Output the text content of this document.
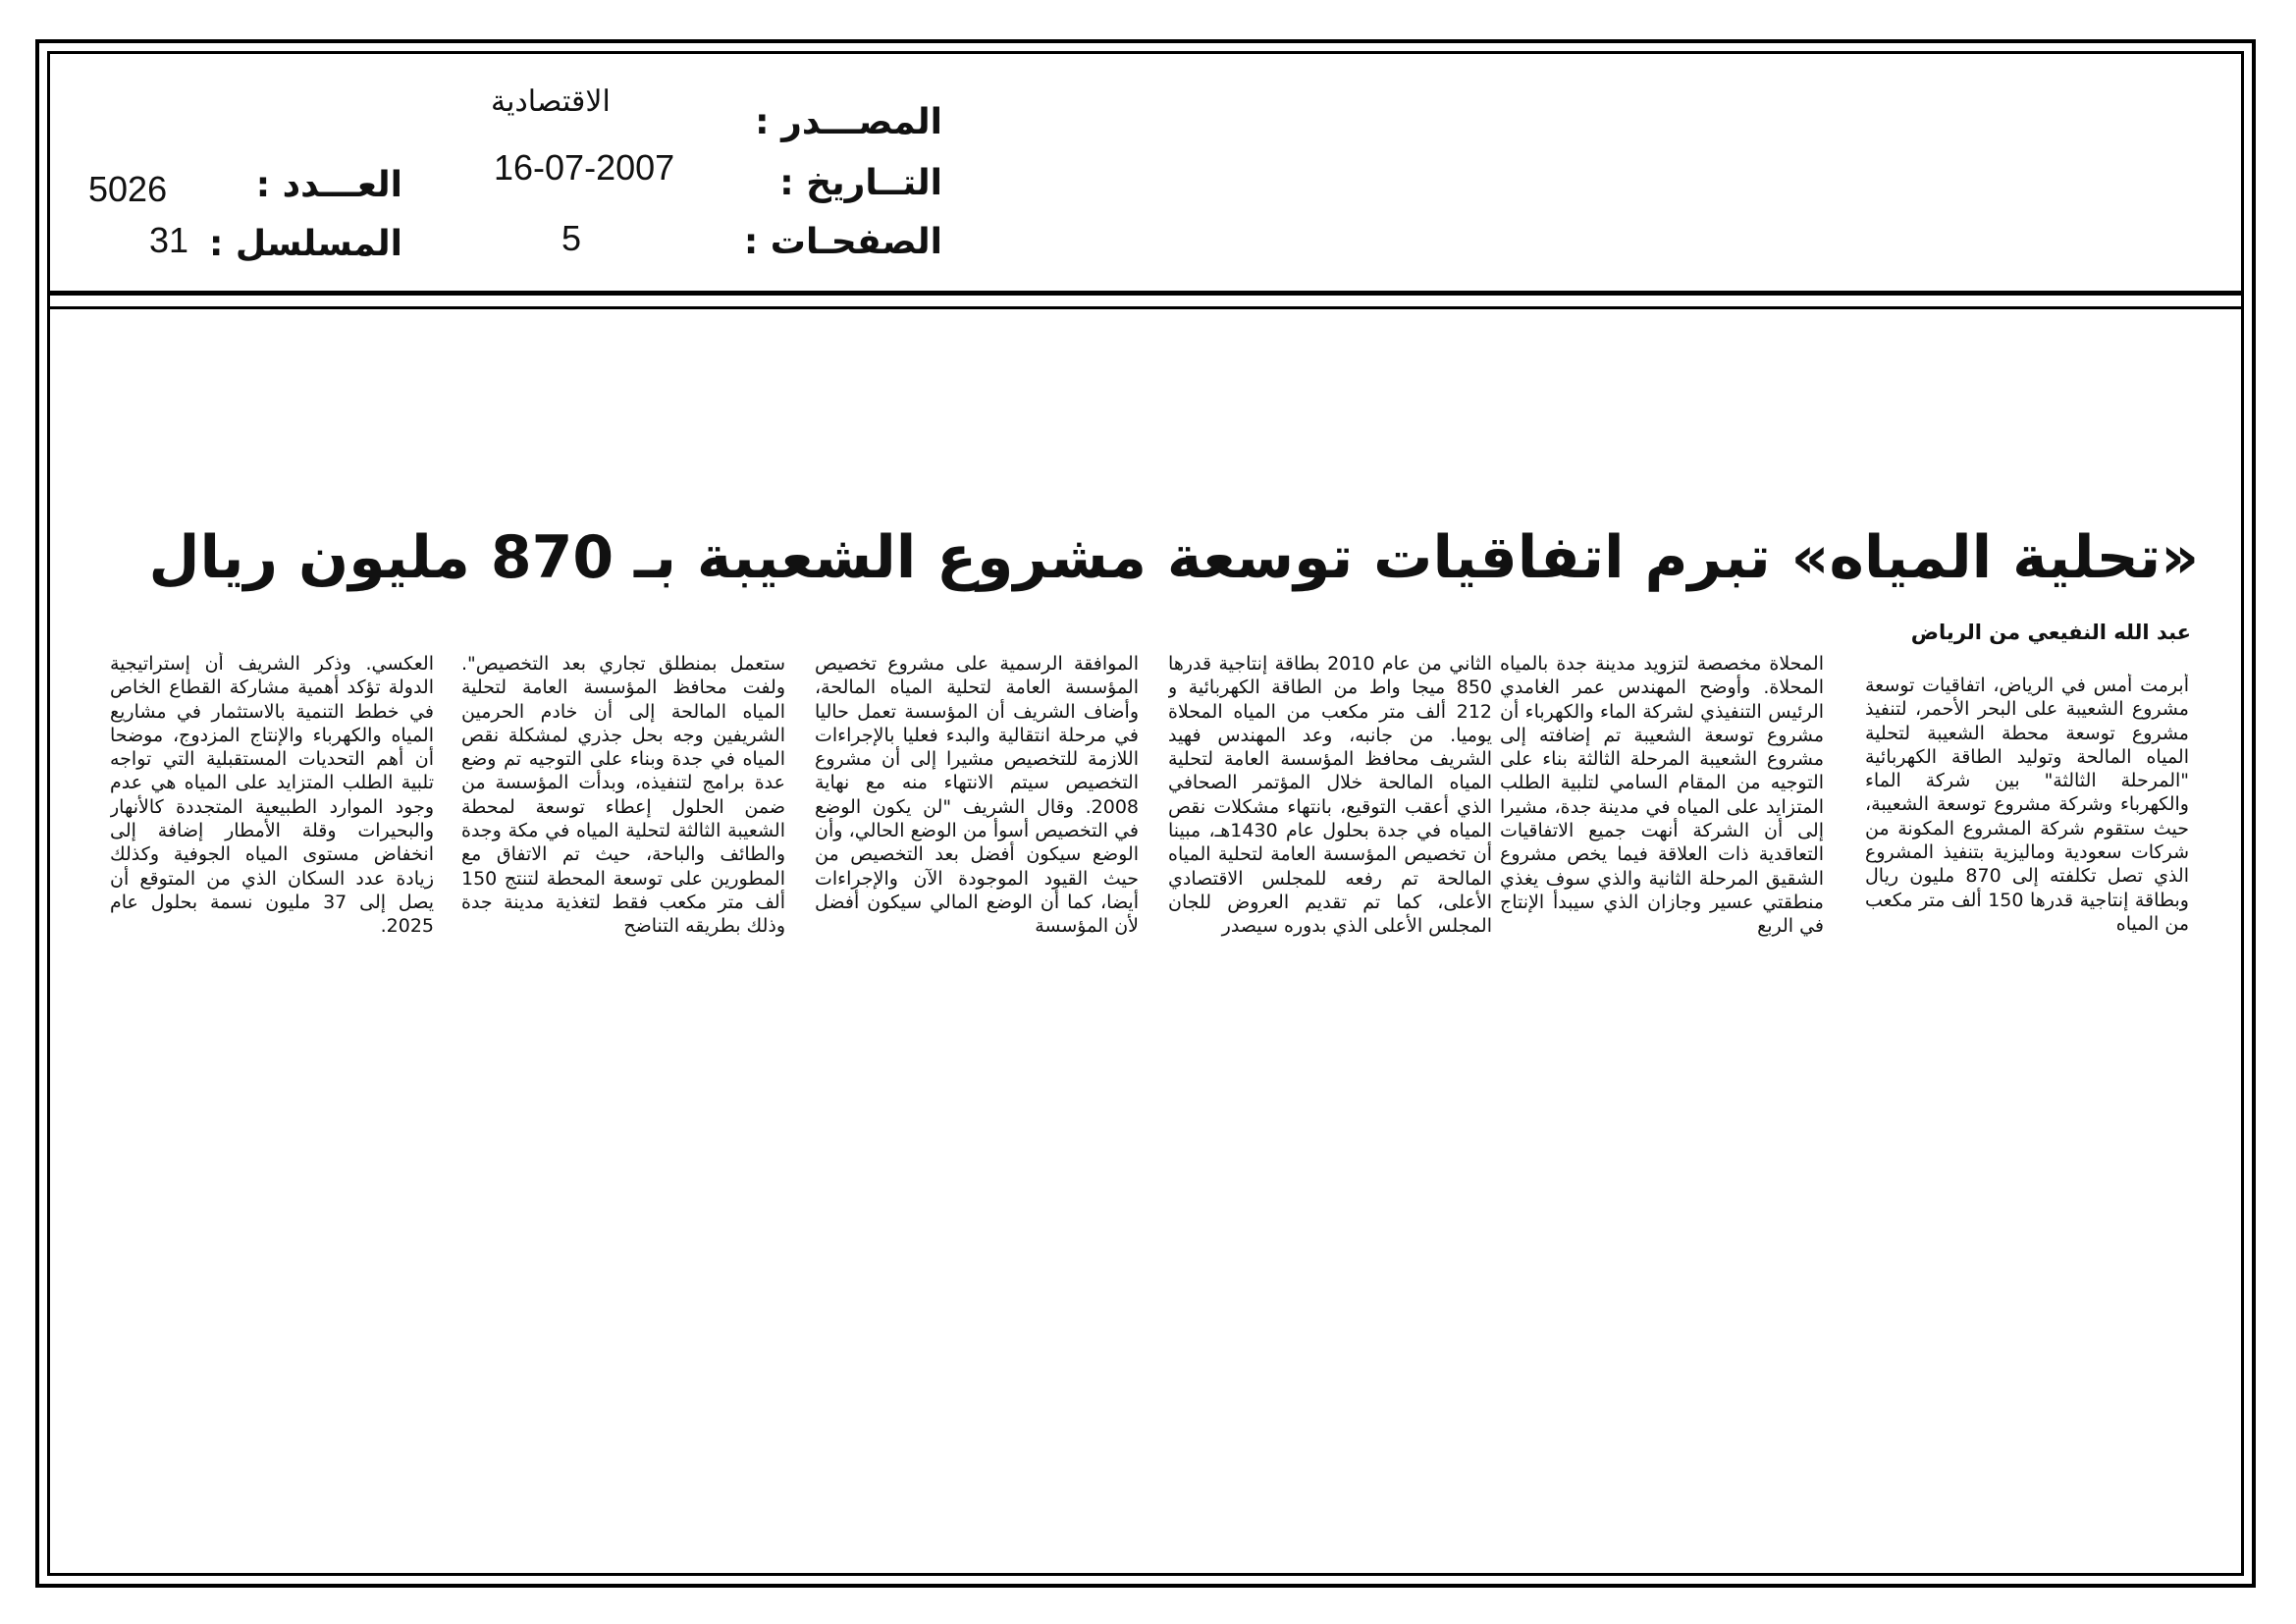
المصـــدر :
الاقتصادية
التــاريخ :
16-07-2007
الصفحـات :
5
العـــدد :
5026
المسلسل :
31
«تحلية المياه» تبرم اتفاقيات توسعة مشروع الشعيبة بـ 870 مليون ريال
عبد الله النفيعي من الرياض

أبرمت أمس في الرياض، اتفاقيات توسعة مشروع الشعيبة على البحر الأحمر، لتنفيذ مشروع توسعة محطة الشعيبة لتحلية المياه المالحة وتوليد الطاقة الكهربائية "المرحلة الثالثة" بين شركة الماء والكهرباء وشركة مشروع توسعة الشعيبة، حيث ستقوم شركة المشروع المكونة من شركات سعودية وماليزية بتنفيذ المشروع الذي تصل تكلفته إلى 870 مليون ريال وبطاقة إنتاجية قدرها 150 ألف متر مكعب من المياه

المحلاة مخصصة لتزويد مدينة جدة بالمياه المحلاة. وأوضح المهندس عمر الغامدي الرئيس التنفيذي لشركة الماء والكهرباء أن مشروع توسعة الشعيبة تم إضافته إلى مشروع الشعيبة المرحلة الثالثة بناء على التوجيه من المقام السامي لتلبية الطلب المتزايد على المياه في مدينة جدة، مشيرا إلى أن الشركة أنهت جميع الاتفاقيات التعاقدية ذات العلاقة فيما يخص مشروع الشقيق المرحلة الثانية والذي سوف يغذي منطقتي عسير وجازان الذي سيبدأ الإنتاج في الربع

الثاني من عام 2010 بطاقة إنتاجية قدرها 850 ميجا واط من الطاقة الكهربائية و 212 ألف متر مكعب من المياه المحلاة يوميا. من جانبه، وعد المهندس فهيد الشريف محافظ المؤسسة العامة لتحلية المياه المالحة خلال المؤتمر الصحافي الذي أعقب التوقيع، بانتهاء مشكلات نقص المياه في جدة بحلول عام 1430هـ، مبينا أن تخصيص المؤسسة العامة لتحلية المياه المالحة تم رفعه للمجلس الاقتصادي الأعلى، كما تم تقديم العروض للجان المجلس الأعلى الذي بدوره سيصدر

الموافقة الرسمية على مشروع تخصيص المؤسسة العامة لتحلية المياه المالحة، وأضاف الشريف أن المؤسسة تعمل حاليا في مرحلة انتقالية والبدء فعليا بالإجراءات اللازمة للتخصيص مشيرا إلى أن مشروع التخصيص سيتم الانتهاء منه مع نهاية 2008. وقال الشريف "لن يكون الوضع في التخصيص أسوأ من الوضع الحالي، وأن الوضع سيكون أفضل بعد التخصيص من حيث القيود الموجودة الآن والإجراءات أيضا، كما أن الوضع المالي سيكون أفضل لأن المؤسسة

ستعمل بمنطلق تجاري بعد التخصيص". ولفت محافظ المؤسسة العامة لتحلية المياه المالحة إلى أن خادم الحرمين الشريفين وجه بحل جذري لمشكلة نقص المياه في جدة وبناء على التوجيه تم وضع عدة برامج لتنفيذه، وبدأت المؤسسة من ضمن الحلول إعطاء توسعة لمحطة الشعيبة الثالثة لتحلية المياه في مكة وجدة والطائف والباحة، حيث تم الاتفاق مع المطورين على توسعة المحطة لتنتج 150 ألف متر مكعب فقط لتغذية مدينة جدة وذلك بطريقه التناضح

العكسي. وذكر الشريف أن إستراتيجية الدولة تؤكد أهمية مشاركة القطاع الخاص في خطط التنمية بالاستثمار في مشاريع المياه والكهرباء والإنتاج المزدوج، موضحا أن أهم التحديات المستقبلية التي تواجه تلبية الطلب المتزايد على المياه هي عدم وجود الموارد الطبيعية المتجددة كالأنهار والبحيرات وقلة الأمطار إضافة إلى انخفاض مستوى المياه الجوفية وكذلك زيادة عدد السكان الذي من المتوقع أن يصل إلى 37 مليون نسمة بحلول عام 2025.
